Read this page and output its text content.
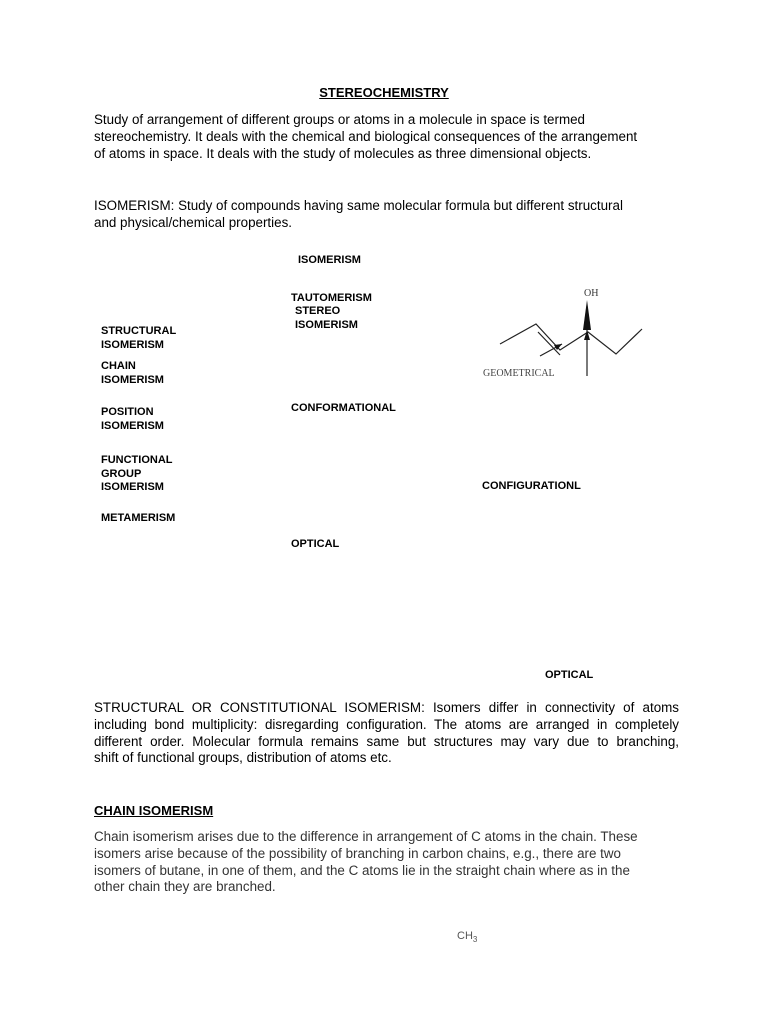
STEREOCHEMISTRY
Study of arrangement of different groups or atoms in a molecule in space is termed
stereochemistry. It deals with the chemical and biological consequences of the arrangement
of atoms in space. It deals with the study of molecules as three dimensional objects.
ISOMERISM: Study of compounds having same molecular formula but different structural
and physical/chemical properties.
ISOMERISM
TAUTOMERISM
STEREO
ISOMERISM
STRUCTURAL
ISOMERISM
CHAIN
ISOMERISM
POSITION
ISOMERISM
CONFORMATIONAL
FUNCTIONAL
GROUP
ISOMERISM	CONFIGURATIONL
METAMERISM
OPTICAL
OPTICAL
OH
GEOMETRICAL
STRUCTURAL OR CONSTITUTIONAL ISOMERISM: Isomers differ in connectivity of atoms
including bond multiplicity: disregarding configuration. The atoms are arranged in completely
different order. Molecular formula remains same but structures may vary due to branching,
shift of functional groups, distribution of atoms etc.
CHAIN ISOMERISM
Chain isomerism arises due to the difference in arrangement of C atoms in the chain. These
isomers arise because of the possibility of branching in carbon chains, e.g., there are two
isomers of butane, in one of them, and the C atoms lie in the straight chain where as in the
other chain they are branched.
$CH_3$
